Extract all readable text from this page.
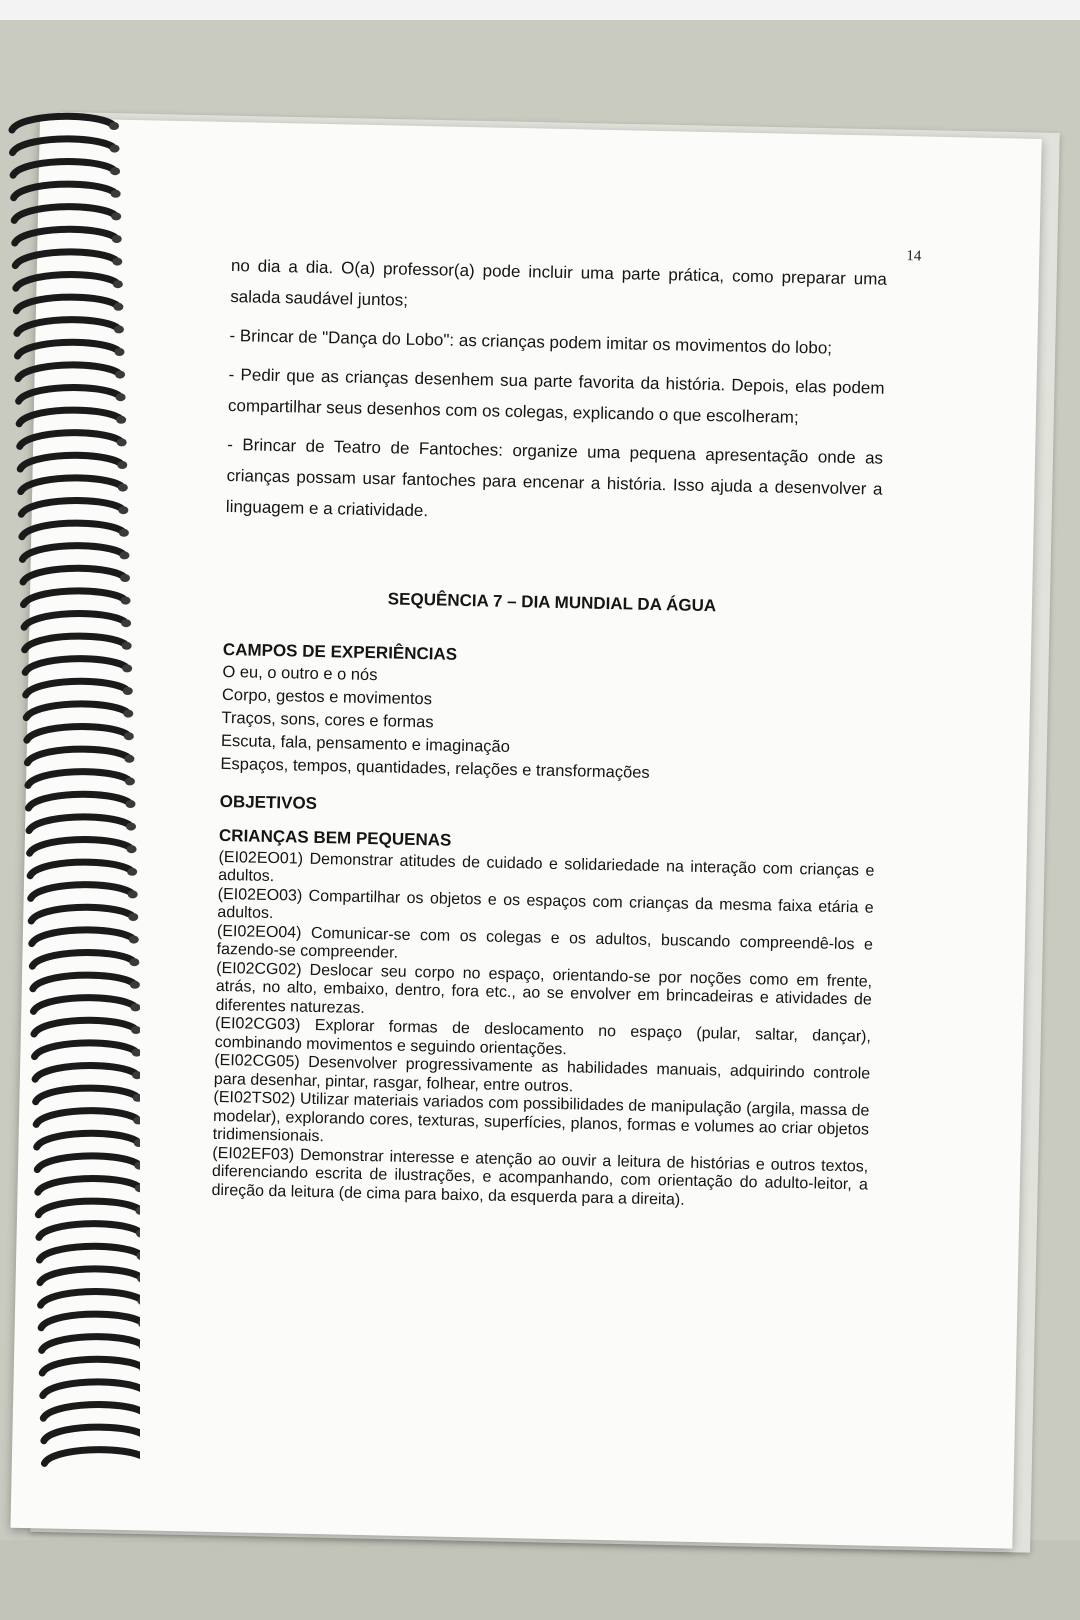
14

no dia a dia. O(a) professor(a) pode incluir uma parte prática, como preparar uma salada saudável juntos;

- Brincar de "Dança do Lobo": as crianças podem imitar os movimentos do lobo;

- Pedir que as crianças desenhem sua parte favorita da história. Depois, elas podem compartilhar seus desenhos com os colegas, explicando o que escolheram;

- Brincar de Teatro de Fantoches: organize uma pequena apresentação onde as crianças possam usar fantoches para encenar a história. Isso ajuda a desenvolver a linguagem e a criatividade.

SEQUÊNCIA 7 – DIA MUNDIAL DA ÁGUA
CAMPOS DE EXPERIÊNCIAS
O eu, o outro e o nós
Corpo, gestos e movimentos
Traços, sons, cores e formas
Escuta, fala, pensamento e imaginação
Espaços, tempos, quantidades, relações e transformações
OBJETIVOS
CRIANÇAS BEM PEQUENAS
(EI02EO01) Demonstrar atitudes de cuidado e solidariedade na interação com crianças e adultos.
(EI02EO03) Compartilhar os objetos e os espaços com crianças da mesma faixa etária e adultos.
(EI02EO04) Comunicar-se com os colegas e os adultos, buscando compreendê-los e fazendo-se compreender.
(EI02CG02) Deslocar seu corpo no espaço, orientando-se por noções como em frente, atrás, no alto, embaixo, dentro, fora etc., ao se envolver em brincadeiras e atividades de diferentes naturezas.
(EI02CG03) Explorar formas de deslocamento no espaço (pular, saltar, dançar), combinando movimentos e seguindo orientações.
(EI02CG05) Desenvolver progressivamente as habilidades manuais, adquirindo controle para desenhar, pintar, rasgar, folhear, entre outros.
(EI02TS02) Utilizar materiais variados com possibilidades de manipulação (argila, massa de modelar), explorando cores, texturas, superfícies, planos, formas e volumes ao criar objetos tridimensionais.
(EI02EF03) Demonstrar interesse e atenção ao ouvir a leitura de histórias e outros textos, diferenciando escrita de ilustrações, e acompanhando, com orientação do adulto-leitor, a direção da leitura (de cima para baixo, da esquerda para a direita).
